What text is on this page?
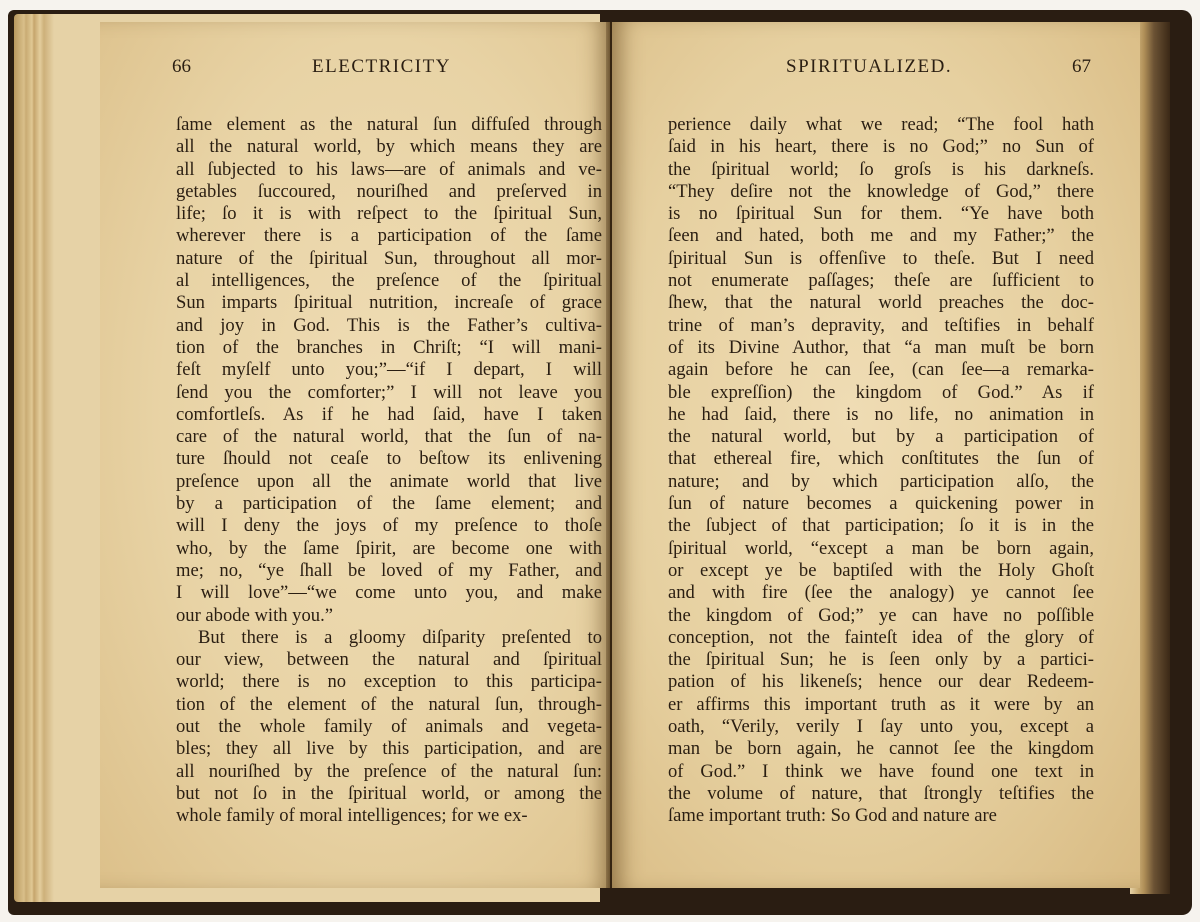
66	ELECTRICITY
ſame element as the natural ſun diffuſed through
all the natural world, by which means they are
all ſubjected to his laws—are of animals and ve-
getables ſuccoured, nouriſhed and preſerved in
life; ſo it is with reſpect to the ſpiritual Sun,
wherever there is a participation of the ſame
nature of the ſpiritual Sun, throughout all mor-
al intelligences, the preſence of the ſpiritual
Sun imparts ſpiritual nutrition, increaſe of grace
and joy in God. This is the Father’s cultiva-
tion of the branches in Chriſt; “I will mani-
feſt myſelf unto you;”—“if I depart, I will
ſend you the comforter;” I will not leave you
comfortleſs. As if he had ſaid, have I taken
care of the natural world, that the ſun of na-
ture ſhould not ceaſe to beſtow its enlivening
preſence upon all the animate world that live
by a participation of the ſame element; and
will I deny the joys of my preſence to thoſe
who, by the ſame ſpirit, are become one with
me; no, “ye ſhall be loved of my Father, and
I will love”—“we come unto you, and make
our abode with you.”
But there is a gloomy diſparity preſented to
our view, between the natural and ſpiritual
world; there is no exception to this participa-
tion of the element of the natural ſun, through-
out the whole family of animals and vegeta-
bles; they all live by this participation, and are
all nouriſhed by the preſence of the natural ſun:
but not ſo in the ſpiritual world, or among the
whole family of moral intelligences; for we ex-
SPIRITUALIZED.	67
perience daily what we read; “The fool hath
ſaid in his heart, there is no God;” no Sun of
the ſpiritual world; ſo groſs is his darkneſs.
“They deſire not the knowledge of God,” there
is no ſpiritual Sun for them. “Ye have both
ſeen and hated, both me and my Father;” the
ſpiritual Sun is offenſive to theſe. But I need
not enumerate paſſages; theſe are ſufficient to
ſhew, that the natural world preaches the doc-
trine of man’s depravity, and teſtifies in behalf
of its Divine Author, that “a man muſt be born
again before he can ſee, (can ſee—a remarka-
ble expreſſion) the kingdom of God.” As if
he had ſaid, there is no life, no animation in
the natural world, but by a participation of
that ethereal fire, which conſtitutes the ſun of
nature; and by which participation alſo, the
ſun of nature becomes a quickening power in
the ſubject of that participation; ſo it is in the
ſpiritual world, “except a man be born again,
or except ye be baptiſed with the Holy Ghoſt
and with fire (ſee the analogy) ye cannot ſee
the kingdom of God;” ye can have no poſſible
conception, not the fainteſt idea of the glory of
the ſpiritual Sun; he is ſeen only by a partici-
pation of his likeneſs; hence our dear Redeem-
er affirms this important truth as it were by an
oath, “Verily, verily I ſay unto you, except a
man be born again, he cannot ſee the kingdom
of God.” I think we have found one text in
the volume of nature, that ſtrongly teſtifies the
ſame important truth: So God and nature are
